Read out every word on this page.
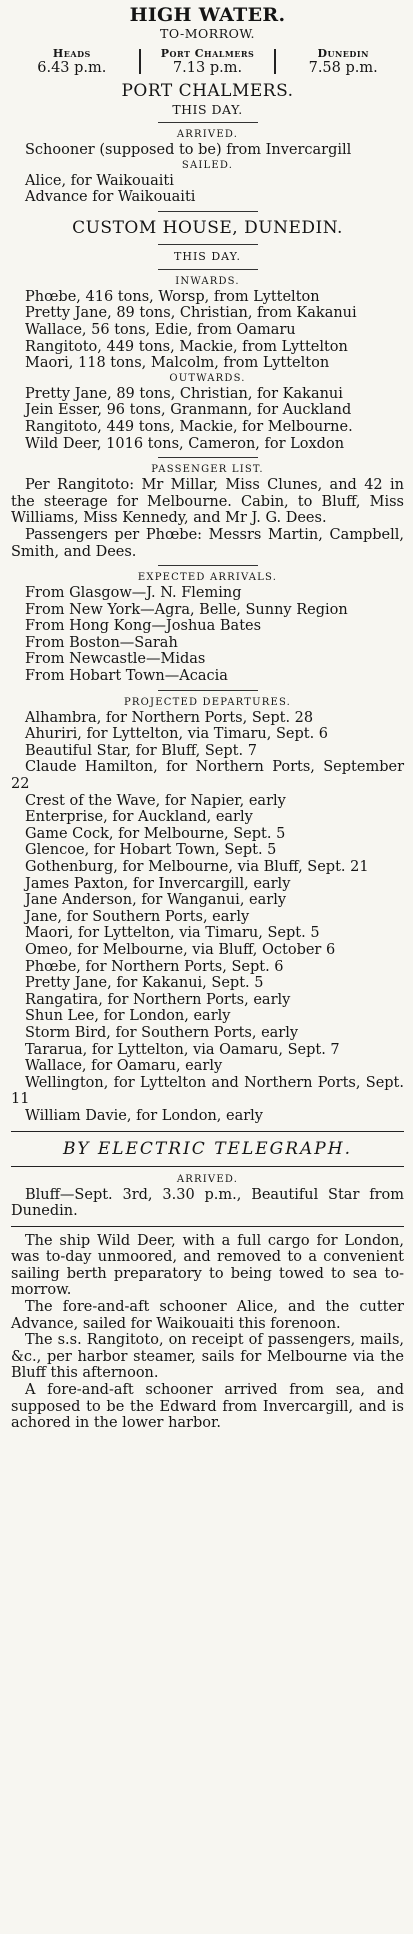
HIGH WATER.
TO-MORROW.
Heads
6.43 p.m.
Port Chalmers
7.13 p.m.
Dunedin
7.58 p.m.
PORT CHALMERS.
THIS DAY.
ARRIVED.
Schooner (supposed to be) from Invercargill
SAILED.
Alice, for Waikouaiti
Advance for Waikouaiti
CUSTOM HOUSE, DUNEDIN.
THIS DAY.
INWARDS.
Phœbe, 416 tons, Worsp, from Lyttelton
Pretty Jane, 89 tons, Christian, from Kakanui
Wallace, 56 tons, Edie, from Oamaru
Rangitoto, 449 tons, Mackie, from Lyttelton
Maori, 118 tons, Malcolm, from Lyttelton
OUTWARDS.
Pretty Jane, 89 tons, Christian, for Kakanui
Jein Esser, 96 tons, Granmann, for Auckland
Rangitoto, 449 tons, Mackie, for Melbourne.
Wild Deer, 1016 tons, Cameron, for Loxdon
PASSENGER LIST.
Per Rangitoto: Mr Millar, Miss Clunes, and 42 in the steerage for Melbourne. Cabin, to Bluff, Miss Williams, Miss Kennedy, and Mr J. G. Dees.
Passengers per Phœbe: Messrs Martin, Campbell, Smith, and Dees.
EXPECTED ARRIVALS.
From Glasgow—J. N. Fleming
From New York—Agra, Belle, Sunny Region
From Hong Kong—Joshua Bates
From Boston—Sarah
From Newcastle—Midas
From Hobart Town—Acacia
PROJECTED DEPARTURES.
Alhambra, for Northern Ports, Sept. 28
Ahuriri, for Lyttelton, via Timaru, Sept. 6
Beautiful Star, for Bluff, Sept. 7
Claude Hamilton, for Northern Ports, September 22
Crest of the Wave, for Napier, early
Enterprise, for Auckland, early
Game Cock, for Melbourne, Sept. 5
Glencoe, for Hobart Town, Sept. 5
Gothenburg, for Melbourne, via Bluff, Sept. 21
James Paxton, for Invercargill, early
Jane Anderson, for Wanganui, early
Jane, for Southern Ports, early
Maori, for Lyttelton, via Timaru, Sept. 5
Omeo, for Melbourne, via Bluff, October 6
Phœbe, for Northern Ports, Sept. 6
Pretty Jane, for Kakanui, Sept. 5
Rangatira, for Northern Ports, early
Shun Lee, for London, early
Storm Bird, for Southern Ports, early
Tararua, for Lyttelton, via Oamaru, Sept. 7
Wallace, for Oamaru, early
Wellington, for Lyttelton and Northern Ports, Sept. 11
William Davie, for London, early
BY ELECTRIC TELEGRAPH.
ARRIVED.
Bluff—Sept. 3rd, 3.30 p.m., Beautiful Star from Dunedin.
The ship Wild Deer, with a full cargo for London, was to-day unmoored, and removed to a convenient sailing berth preparatory to being towed to sea to-morrow.
The fore-and-aft schooner Alice, and the cutter Advance, sailed for Waikouaiti this forenoon.
The s.s. Rangitoto, on receipt of passengers, mails, &c., per harbor steamer, sails for Melbourne via the Bluff this afternoon.
A fore-and-aft schooner arrived from sea, and supposed to be the Edward from Invercargill, and is achored in the lower harbor.
